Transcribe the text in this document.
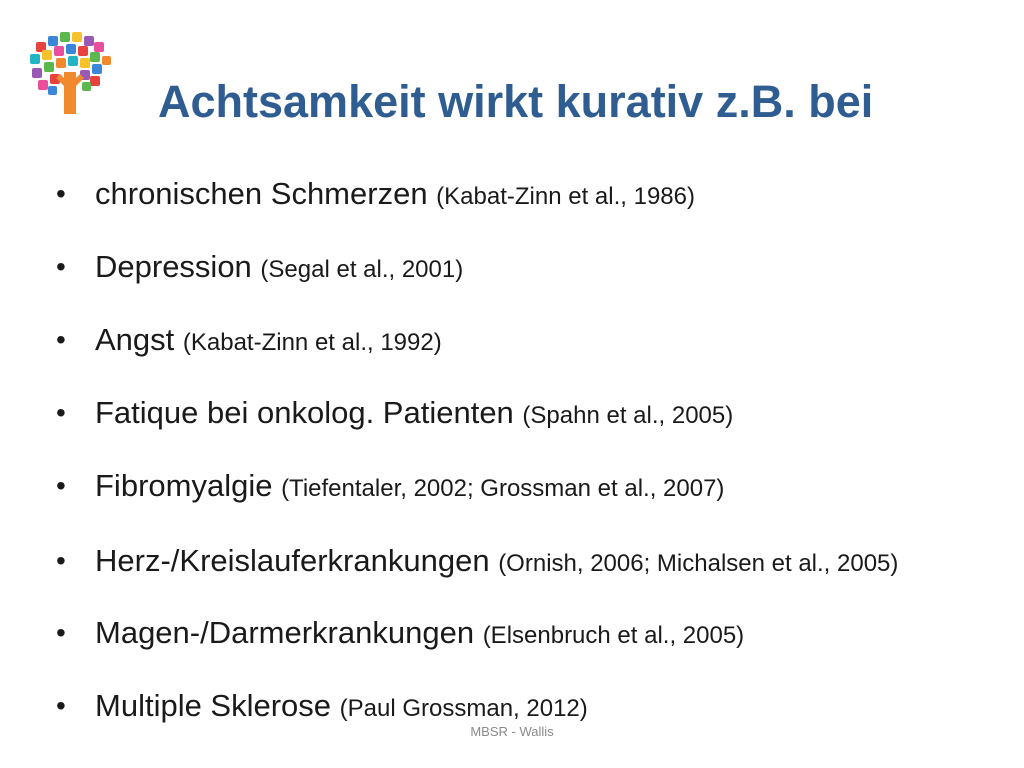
Achtsamkeit wirkt kurativ z.B. bei
• chronischen Schmerzen (Kabat-Zinn et al., 1986)
• Depression (Segal et al., 2001)
• Angst (Kabat-Zinn et al., 1992)
• Fatique bei onkolog. Patienten (Spahn et al., 2005)
• Fibromyalgie (Tiefentaler, 2002; Grossman et al., 2007)
• Herz-/Kreislauferkrankungen (Ornish, 2006; Michalsen et al., 2005)
• Magen-/Darmerkrankungen (Elsenbruch et al., 2005)
• Multiple Sklerose (Paul Grossman, 2012)
MBSR - Wallis
